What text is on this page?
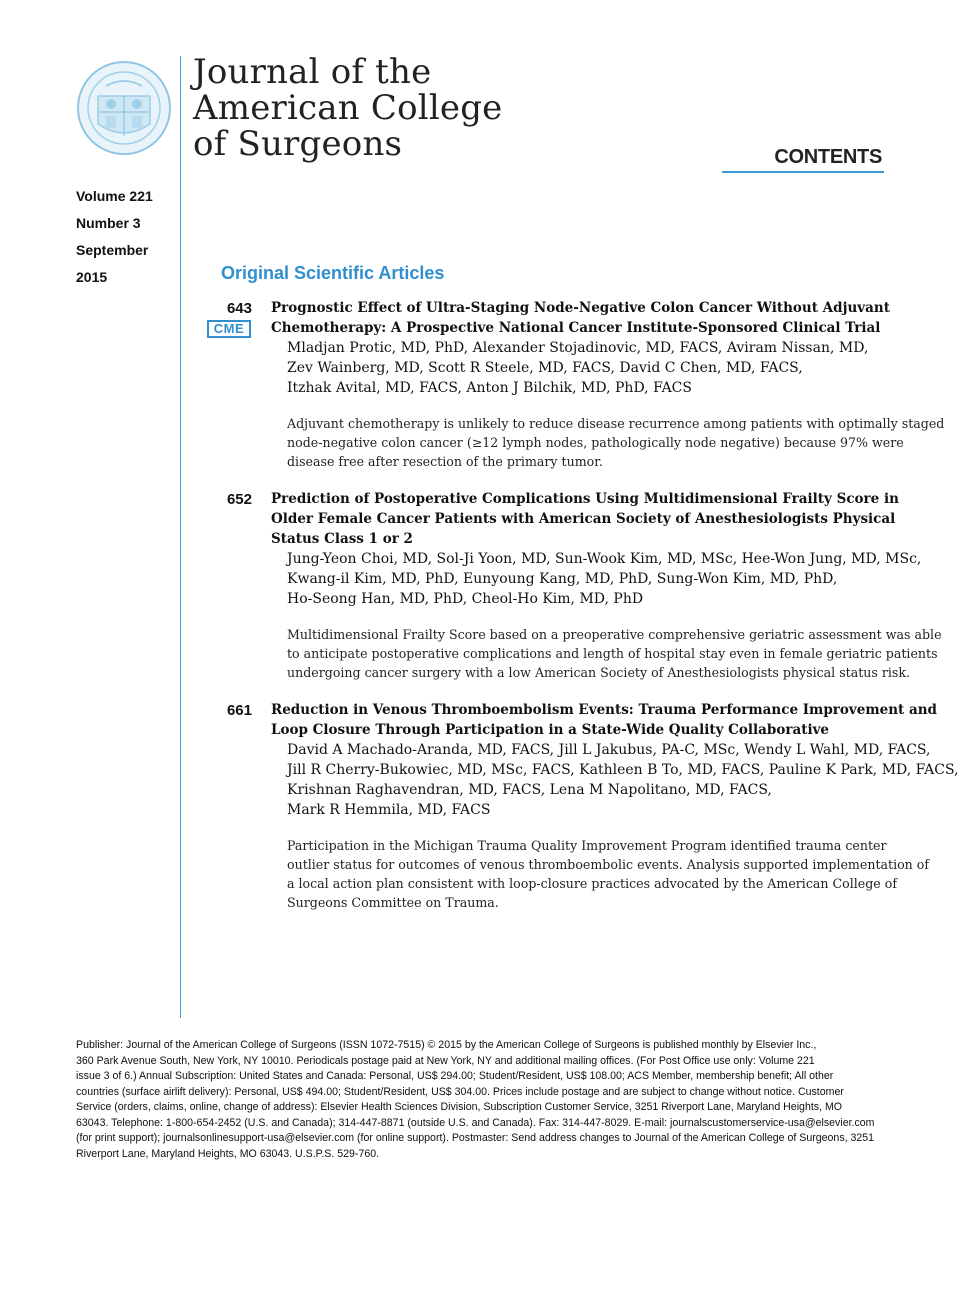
Journal of the
American College
of Surgeons	CONTENTS
Volume 221
Number 3
September
2015	Original Scientific Articles
643
CME
Prognostic Effect of Ultra-Staging Node-Negative Colon Cancer Without Adjuvant
Chemotherapy: A Prospective National Cancer Institute-Sponsored Clinical Trial
Mladjan Protic, MD, PhD, Alexander Stojadinovic, MD, FACS, Aviram Nissan, MD,
Zev Wainberg, MD, Scott R Steele, MD, FACS, David C Chen, MD, FACS,
Itzhak Avital, MD, FACS, Anton J Bilchik, MD, PhD, FACS
Adjuvant chemotherapy is unlikely to reduce disease recurrence among patients with optimally staged
node-negative colon cancer (≥12 lymph nodes, pathologically node negative) because 97% were
disease free after resection of the primary tumor.
652 Prediction of Postoperative Complications Using Multidimensional Frailty Score in
Older Female Cancer Patients with American Society of Anesthesiologists Physical
Status Class 1 or 2
Jung-Yeon Choi, MD, Sol-Ji Yoon, MD, Sun-Wook Kim, MD, MSc, Hee-Won Jung, MD, MSc,
Kwang-il Kim, MD, PhD, Eunyoung Kang, MD, PhD, Sung-Won Kim, MD, PhD,
Ho-Seong Han, MD, PhD, Cheol-Ho Kim, MD, PhD
Multidimensional Frailty Score based on a preoperative comprehensive geriatric assessment was able
to anticipate postoperative complications and length of hospital stay even in female geriatric patients
undergoing cancer surgery with a low American Society of Anesthesiologists physical status risk.
661 Reduction in Venous Thromboembolism Events: Trauma Performance Improvement and
Loop Closure Through Participation in a State-Wide Quality Collaborative
David A Machado-Aranda, MD, FACS, Jill L Jakubus, PA-C, MSc, Wendy L Wahl, MD, FACS,
Jill R Cherry-Bukowiec, MD, MSc, FACS, Kathleen B To, MD, FACS, Pauline K Park, MD, FACS,
Krishnan Raghavendran, MD, FACS, Lena M Napolitano, MD, FACS,
Mark R Hemmila, MD, FACS
Participation in the Michigan Trauma Quality Improvement Program identified trauma center
outlier status for outcomes of venous thromboembolic events. Analysis supported implementation of
a local action plan consistent with loop-closure practices advocated by the American College of
Surgeons Committee on Trauma.
Publisher: Journal of the American College of Surgeons (ISSN 1072-7515) © 2015 by the American College of Surgeons is published monthly by Elsevier Inc.,
360 Park Avenue South, New York, NY 10010. Periodicals postage paid at New York, NY and additional mailing offices. (For Post Office use only: Volume 221
issue 3 of 6.) Annual Subscription: United States and Canada: Personal, US$ 294.00; Student/Resident, US$ 108.00; ACS Member, membership benefit; All other
countries (surface airlift delivery): Personal, US$ 494.00; Student/Resident, US$ 304.00. Prices include postage and are subject to change without notice. Customer
Service (orders, claims, online, change of address): Elsevier Health Sciences Division, Subscription Customer Service, 3251 Riverport Lane, Maryland Heights, MO
63043. Telephone: 1-800-654-2452 (U.S. and Canada); 314-447-8871 (outside U.S. and Canada). Fax: 314-447-8029. E-mail: journalscustomerservice-usa@elsevier.com
(for print support); journalsonlinesupport-usa@elsevier.com (for online support). Postmaster: Send address changes to Journal of the American College of Surgeons, 3251
Riverport Lane, Maryland Heights, MO 63043. U.S.P.S. 529-760.
